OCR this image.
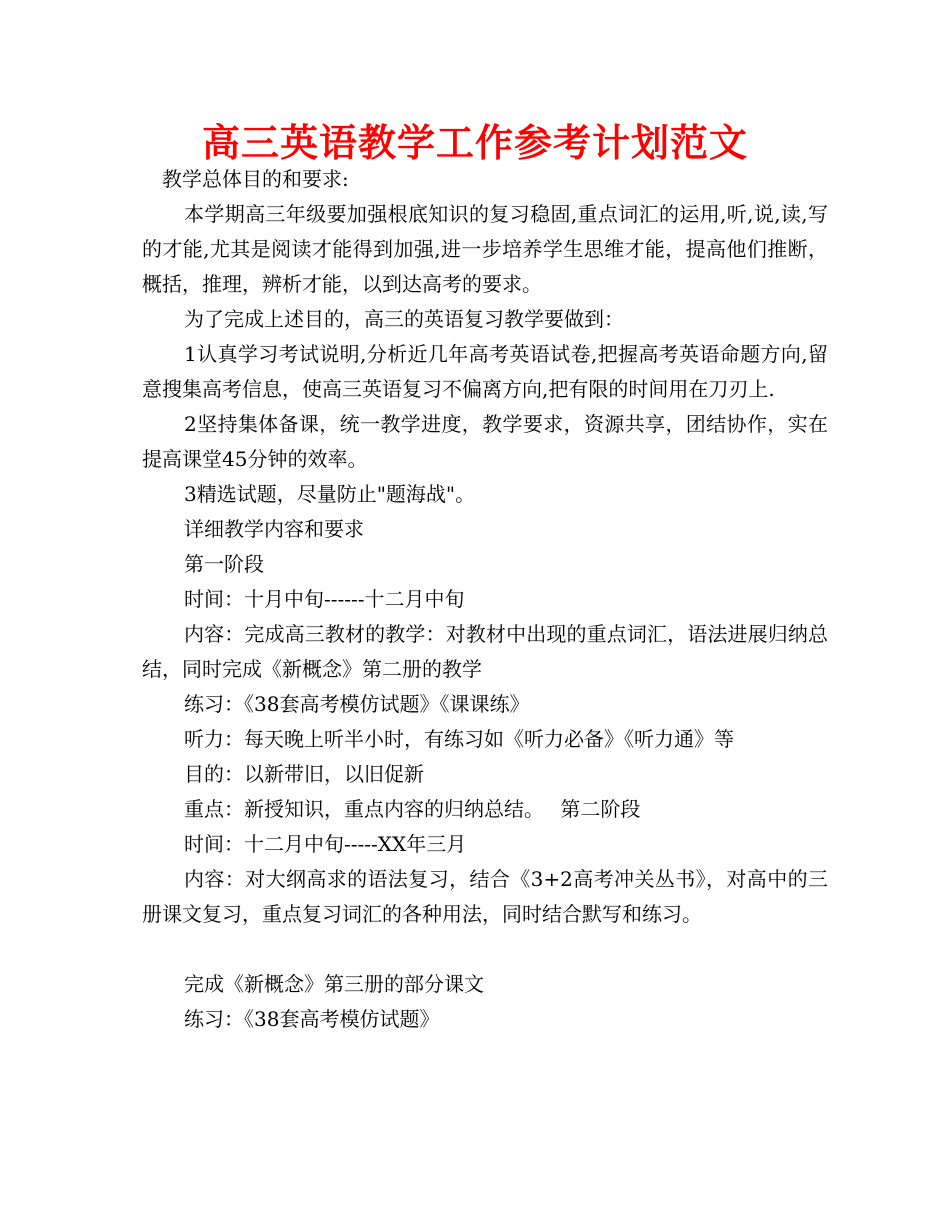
高三英语教学工作参考计划范文

教学总体目的和要求:

本学期高三年级要加强根底知识的复习稳固,重点词汇的运用,听,说,读,写的才能,尤其是阅读才能得到加强,进一步培养学生思维才能，提高他们推断，概括，推理，辨析才能，以到达高考的要求。

为了完成上述目的，高三的英语复习教学要做到：

1认真学习考试说明,分析近几年高考英语试卷,把握高考英语命题方向,留意搜集高考信息，使高三英语复习不偏离方向,把有限的时间用在刀刃上.

2坚持集体备课，统一教学进度，教学要求，资源共享，团结协作，实在提高课堂45分钟的效率。

3精选试题，尽量防止"题海战"。

详细教学内容和要求

第一阶段

时间：十月中旬------十二月中旬

内容：完成高三教材的教学：对教材中出现的重点词汇，语法进展归纳总结，同时完成《新概念》第二册的教学

练习：《38套高考模仿试题》《课课练》

听力：每天晚上听半小时，有练习如《听力必备》《听力通》等

目的：以新带旧，以旧促新

重点：新授知识，重点内容的归纳总结。　 第二阶段

时间：十二月中旬-----XX年三月

内容：对大纲高求的语法复习，结合《3+2高考冲关丛书》，对高中的三册课文复习，重点复习词汇的各种用法，同时结合默写和练习。

完成《新概念》第三册的部分课文

练习：《38套高考模仿试题》
